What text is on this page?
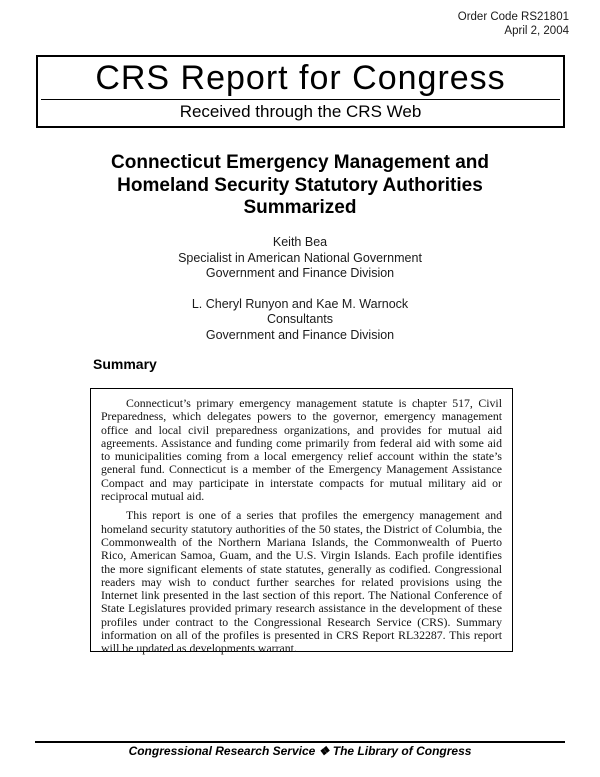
Order Code RS21801
April 2, 2004
CRS Report for Congress
Received through the CRS Web
Connecticut Emergency Management and
Homeland Security Statutory Authorities
Summarized
Keith Bea
Specialist in American National Government
Government and Finance Division
L. Cheryl Runyon and Kae M. Warnock
Consultants
Government and Finance Division
Summary

Connecticut’s primary emergency management statute is chapter 517, Civil Preparedness, which delegates powers to the governor, emergency management office and local civil preparedness organizations, and provides for mutual aid agreements. Assistance and funding come primarily from federal aid with some aid to municipalities coming from a local emergency relief account within the state’s general fund. Connecticut is a member of the Emergency Management Assistance Compact and may participate in interstate compacts for mutual military aid or reciprocal mutual aid.

This report is one of a series that profiles the emergency management and homeland security statutory authorities of the 50 states, the District of Columbia, the Commonwealth of the Northern Mariana Islands, the Commonwealth of Puerto Rico, American Samoa, Guam, and the U.S. Virgin Islands. Each profile identifies the more significant elements of state statutes, generally as codified. Congressional readers may wish to conduct further searches for related provisions using the Internet link presented in the last section of this report. The National Conference of State Legislatures provided primary research assistance in the development of these profiles under contract to the Congressional Research Service (CRS). Summary information on all of the profiles is presented in CRS Report RL32287. This report will be updated as developments warrant.

Congressional Research Service ❖ The Library of Congress
